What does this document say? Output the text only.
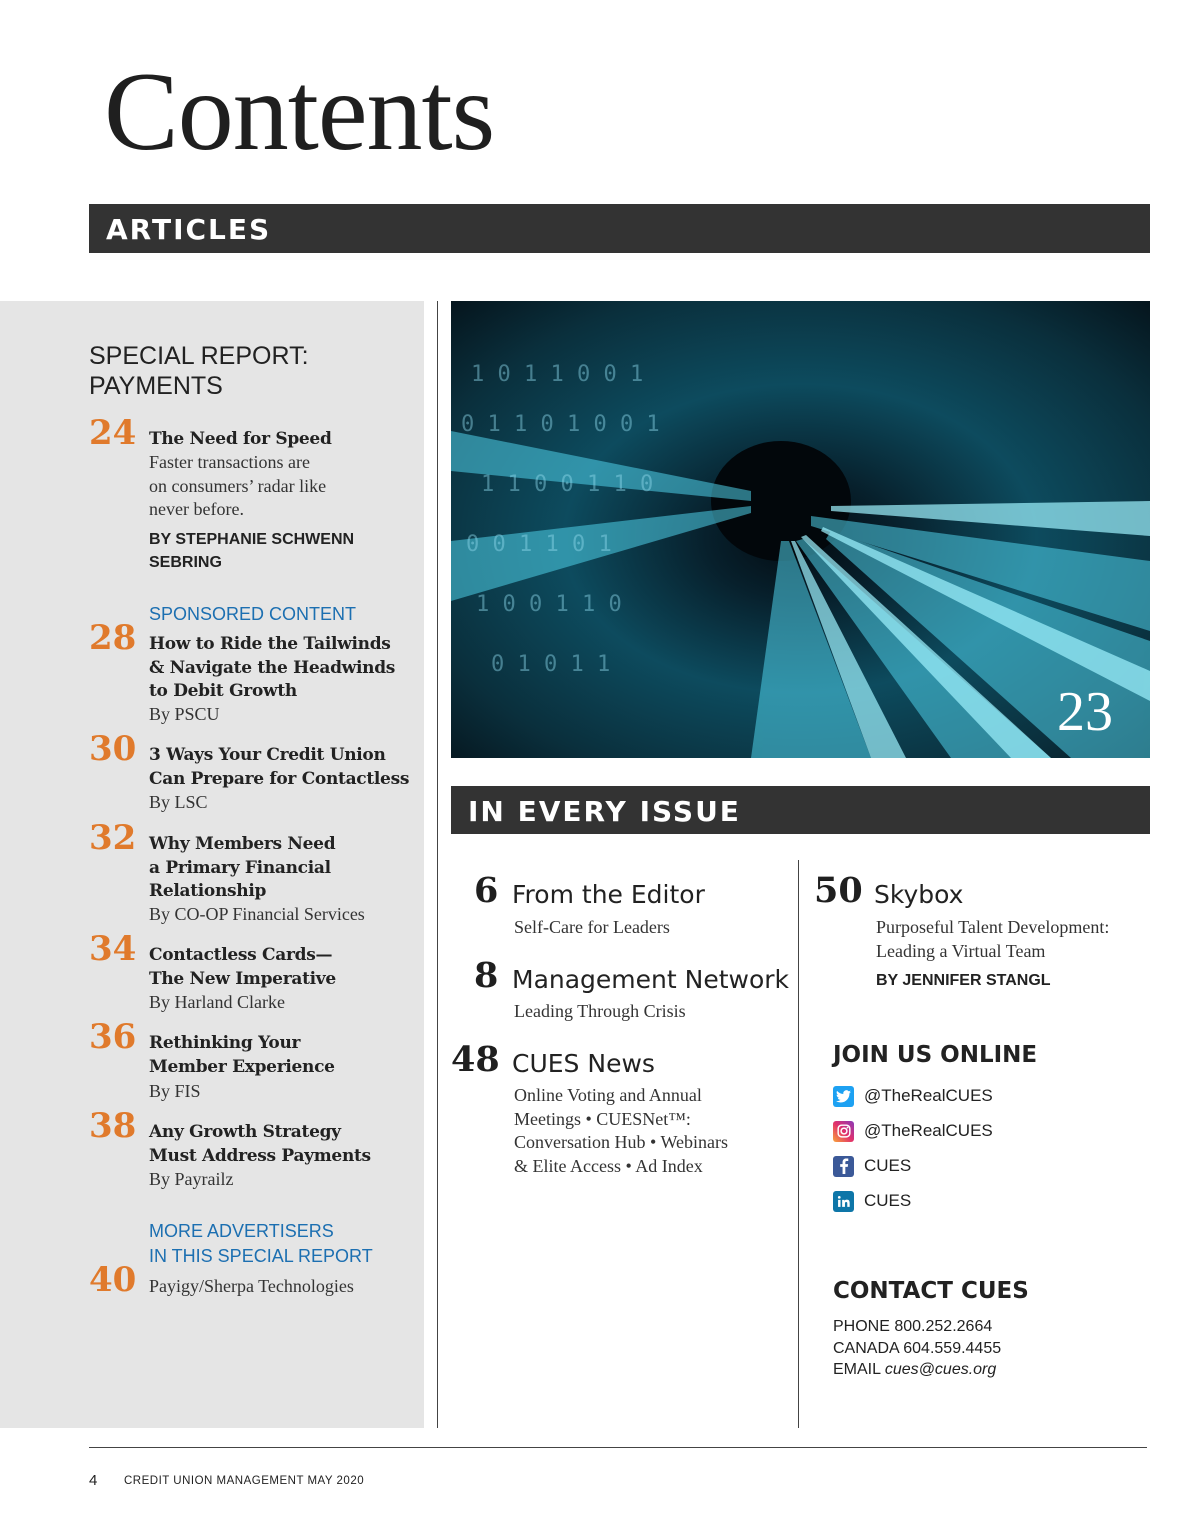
Contents
ARTICLES
SPECIAL REPORT:
PAYMENTS
24 The Need for Speed
Faster transactions are
on consumers’ radar like
never before.
BY STEPHANIE SCHWENN
SEBRING
SPONSORED CONTENT
28 How to Ride the Tailwinds
& Navigate the Headwinds
to Debit Growth
By PSCU
30 3 Ways Your Credit Union
Can Prepare for Contactless
By LSC
32 Why Members Need
a Primary Financial
Relationship
By CO-OP Financial Services
34 Contactless Cards—
The New Imperative
By Harland Clarke
36 Rethinking Your
Member Experience
By FIS
38 Any Growth Strategy
Must Address Payments
By Payrailz
MORE ADVERTISERS
IN THIS SPECIAL REPORT
40 Payigy/Sherpa Technologies
1 0 1 1 0 0 1
0 1 1 0 1 0 0 1
1 1 0 0 1 1 0
0 0 1 1 0 1
1 0 0 1 1 0
0 1 0 1 1
23
IN EVERY ISSUE
6 From the Editor
Self-Care for Leaders
8 Management Network
Leading Through Crisis
48 CUES News
Online Voting and Annual
Meetings • CUESNet™:
Conversation Hub • Webinars
& Elite Access • Ad Index
50 Skybox
Purposeful Talent Development:
Leading a Virtual Team
BY JENNIFER STANGL
JOIN US ONLINE
@TheRealCUES
@TheRealCUES
CUES
CUES
CONTACT CUES
PHONE 800.252.2664
CANADA 604.559.4455
EMAIL cues@cues.org
4 CREDIT UNION MANAGEMENT MAY 2020
